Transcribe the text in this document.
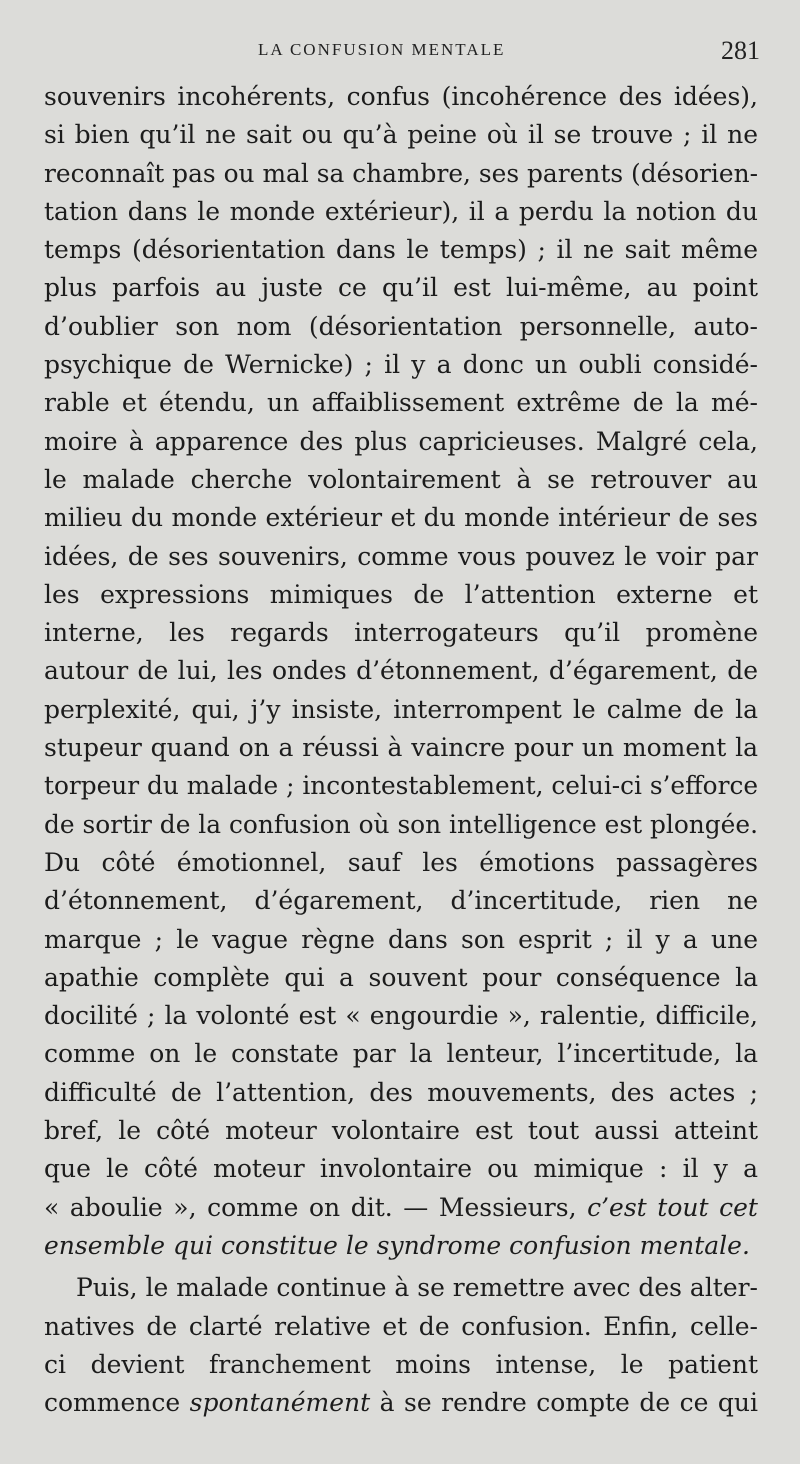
LA CONFUSION MENTALE	281
souvenirs incohérents, confus (incohérence des idées),
si bien qu’il ne sait ou qu’à peine où il se trouve ; il ne
reconnaît pas ou mal sa chambre, ses parents (désorien-
tation dans le monde extérieur), il a perdu la notion du
temps (désorientation dans le temps) ; il ne sait même
plus parfois au juste ce qu’il est lui-même, au point
d’oublier son nom (désorientation personnelle, auto-
psychique de Wernicke) ; il y a donc un oubli considé-
rable et étendu, un affaiblissement extrême de la mé-
moire à apparence des plus capricieuses. Malgré cela,
le malade cherche volontairement à se retrouver au
milieu du monde extérieur et du monde intérieur de ses
idées, de ses souvenirs, comme vous pouvez le voir par
les expressions mimiques de l’attention externe et
interne, les regards interrogateurs qu’il promène
autour de lui, les ondes d’étonnement, d’égarement, de
perplexité, qui, j’y insiste, interrompent le calme de la
stupeur quand on a réussi à vaincre pour un moment la
torpeur du malade ; incontestablement, celui-ci s’efforce
de sortir de la confusion où son intelligence est plongée.
Du côté émotionnel, sauf les émotions passagères
d’étonnement, d’égarement, d’incertitude, rien ne
marque ; le vague règne dans son esprit ; il y a une
apathie complète qui a souvent pour conséquence la
docilité ; la volonté est « engourdie », ralentie, difficile,
comme on le constate par la lenteur, l’incertitude, la
difficulté de l’attention, des mouvements, des actes ;
bref, le côté moteur volontaire est tout aussi atteint
que le côté moteur involontaire ou mimique : il y a
« aboulie », comme on dit. — Messieurs, c’est tout cet
ensemble qui constitue le syndrome confusion mentale.
Puis, le malade continue à se remettre avec des alter-
natives de clarté relative et de confusion. Enfin, celle-
ci devient franchement moins intense, le patient
commence spontanément à se rendre compte de ce qui
